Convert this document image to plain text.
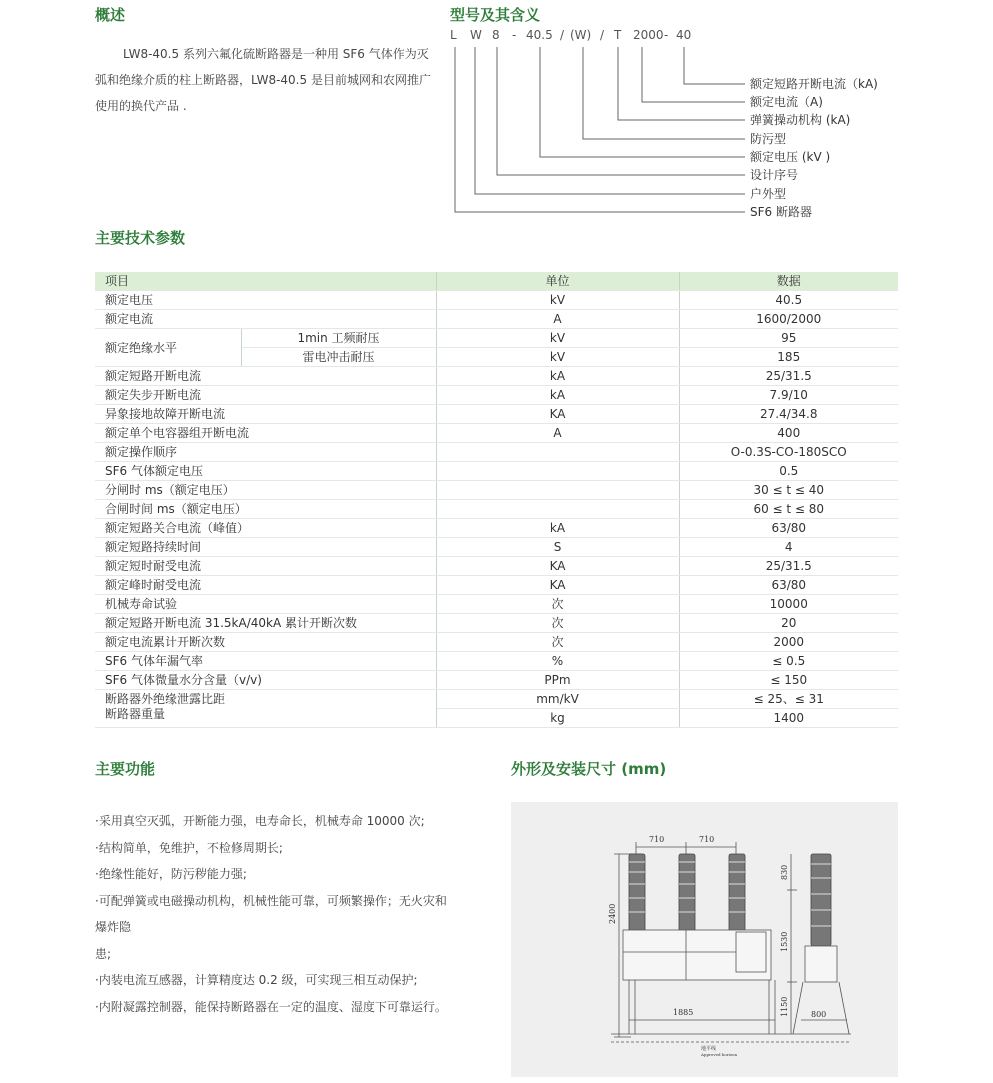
概述

LW8-40.5 系列六氟化硫断路器是一种用 SF6 气体作为灭弧和绝缘介质的柱上断路器，LW8-40.5 是目前城网和农网推广使用的换代产品 .

型号及其含义
L W 8 - 40.5 / (W) / T 2000 - 40
额定短路开断电流（kA)
额定电流（A)
弹簧操动机构 (kA)
防污型
额定电压 (kV )
设计序号
户外型
SF6 断路器
主要技术参数
项目		单位	数据
额定电压		kV	40.5
额定电流		A	1600/2000
额定绝缘水平	1min 工频耐压	kV	95
	雷电冲击耐压	kV	185
额定短路开断电流		kA	25/31.5
额定失步开断电流		kA	7.9/10
异象接地故障开断电流		KA	27.4/34.8
额定单个电容器组开断电流		A	400
额定操作顺序			O-0.3S-CO-180SCO
SF6 气体额定电压			0.5
分闸时 ms（额定电压）			30 ≤ t ≤ 40
合闸时间 ms（额定电压）			60 ≤ t ≤ 80
额定短路关合电流（峰值）		kA	63/80
额定短路持续时间		S	4
额定短时耐受电流		KA	25/31.5
额定峰时耐受电流		KA	63/80
机械寿命试验		次	10000
额定短路开断电流 31.5kA/40kA 累计开断次数		次	20
额定电流累计开断次数		次	2000
SF6 气体年漏气率		%	≤ 0.5
SF6 气体微量水分含量（v/v)		PPm	≤ 150
断路器外绝缘泄露比距		mm/kV	≤ 25、≤ 31
断路器重量		kg	1400
主要功能
·采用真空灭弧，开断能力强，电寿命长，机械寿命 10000 次;
·结构简单，免维护，不检修周期长;
·绝缘性能好，防污秽能力强;
·可配弹簧或电磁操动机构，机械性能可靠，可频繁操作；无火灾和爆炸隐
患;
·内装电流互感器，计算精度达 0.2 级，可实现三相互动保护;
·内附凝露控制器，能保持断路器在一定的温度、湿度下可靠运行。
外形及安装尺寸 (mm)
710	710
2400
1885
830
1530
1150	800
地平线
Approved horizon
